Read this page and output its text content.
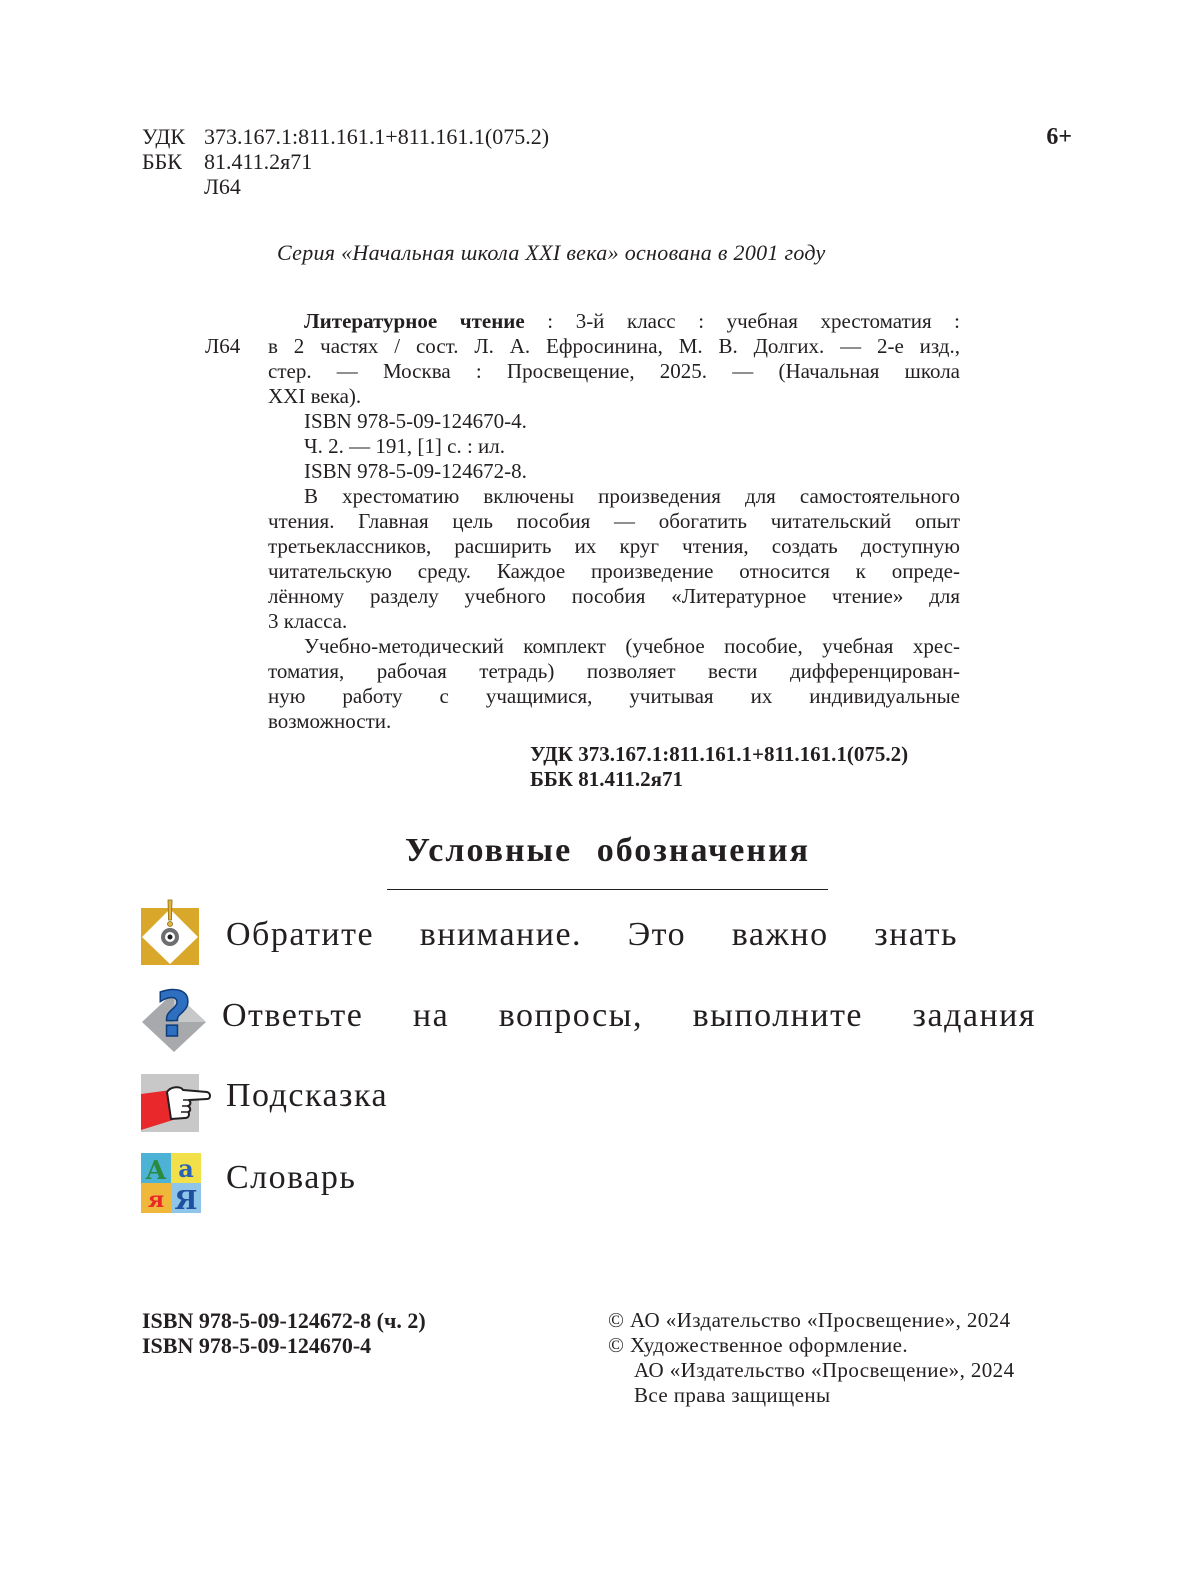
УДК 373.167.1:811.161.1+811.161.1(075.2)
ББК 81.411.2я71
Л64
6+
Серия «Начальная школа XXI века» основана в 2001 году
Л64
Литературное чтение : 3-й класс : учебная хрестоматия :
в 2 частях / сост. Л. А. Ефросинина, М. В. Долгих. — 2-е изд.,
стер. — Москва : Просвещение, 2025. — (Начальная школа
XXI века).
ISBN 978-5-09-124670-4.
Ч. 2. — 191, [1] с. : ил.
ISBN 978-5-09-124672-8.
В хрестоматию включены произведения для самостоятельного
чтения. Главная цель пособия — обогатить читательский опыт
третьеклассников, расширить их круг чтения, создать доступную
читательскую среду. Каждое произведение относится к опреде-
лённому разделу учебного пособия «Литературное чтение» для
3 класса.
Учебно-методический комплект (учебное пособие, учебная хрес-
томатия, рабочая тетрадь) позволяет вести дифференцирован-
ную работу с учащимися, учитывая их индивидуальные
возможности.
УДК 373.167.1:811.161.1+811.161.1(075.2)
ББК 81.411.2я71
Условные обозначения
Обратите внимание. Это важно знать
? Ответьте на вопросы, выполните задания
Подсказка
А а
я Я
Словарь
ISBN 978-5-09-124672-8 (ч. 2)
ISBN 978-5-09-124670-4
© АО «Издательство «Просвещение», 2024
© Художественное оформление.
АО «Издательство «Просвещение», 2024
Все права защищены
